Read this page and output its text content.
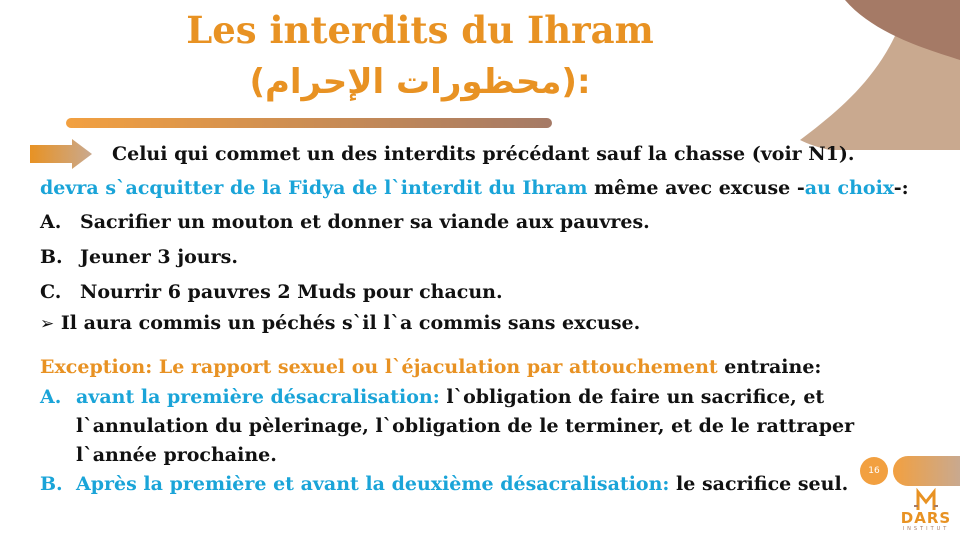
Les interdits du Ihram
(محظورات الإحرام):
Celui qui commet un des interdits précédant sauf la chasse (voir N1).
devra s`acquitter de la Fidya de l`interdit du Ihram même avec excuse -au choix-:
A. Sacrifier un mouton et donner sa viande aux pauvres.
B. Jeuner 3 jours.
C. Nourrir 6 pauvres 2 Muds pour chacun.
➢ Il aura commis un péchés s`il l`a commis sans excuse.
Exception: Le rapport sexuel ou l`éjaculation par attouchement entraine:
A. avant la première désacralisation: l`obligation de faire un sacrifice, et
l`annulation du pèlerinage, l`obligation de le terminer, et de le rattraper
l`année prochaine.
B. Après la première et avant la deuxième désacralisation: le sacrifice seul.
16
DARS
INSTITUT
